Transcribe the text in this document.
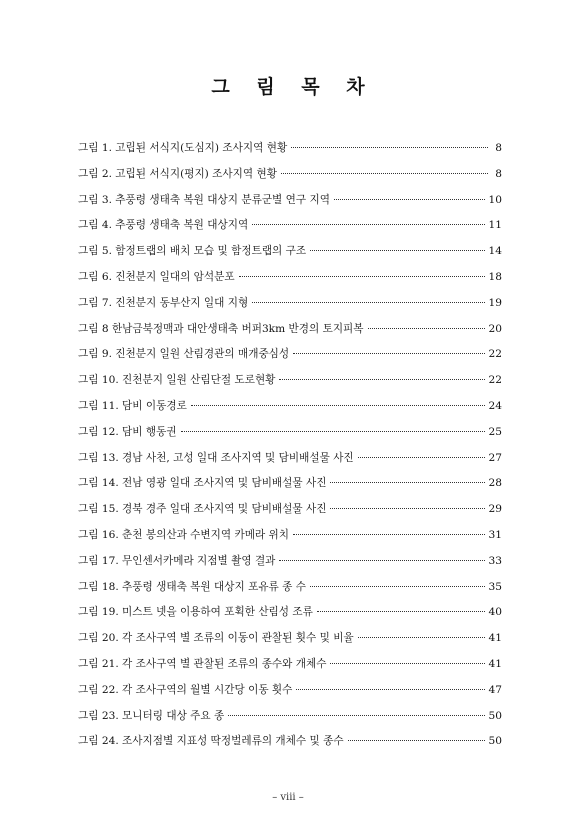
그 림 목 차
그림 1. 고립된 서식지(도심지) 조사지역 현황	8
그림 2. 고립된 서식지(평지) 조사지역 현황	8
그림 3. 추풍령 생태축 복원 대상지 분류군별 연구 지역	10
그림 4. 추풍령 생태축 복원 대상지역	11
그림 5. 함정트랩의 배치 모습 및 함정트랩의 구조	14
그림 6. 진천분지 일대의 암석분포	18
그림 7. 진천분지 동부산지 일대 지형	19
그림 8 한남금북정맥과 대안생태축 버퍼3km 반경의 토지피복	20
그림 9. 진천분지 일원 산림경관의 매개중심성	22
그림 10. 진천분지 일원 산림단절 도로현황	22
그림 11. 담비 이동경로	24
그림 12. 담비 행동권	25
그림 13. 경남 사천, 고성 일대 조사지역 및 담비배설물 사진	27
그림 14. 전남 영광 일대 조사지역 및 담비배설물 사진	28
그림 15. 경북 경주 일대 조사지역 및 담비배설물 사진	29
그림 16. 춘천 봉의산과 수변지역 카메라 위치	31
그림 17. 무인센서카메라 지점별 촬영 결과	33
그림 18. 추풍령 생태축 복원 대상지 포유류 종 수	35
그림 19. 미스트 넷을 이용하여 포획한 산림성 조류	40
그림 20. 각 조사구역 별 조류의 이동이 관찰된 횟수 및 비율	41
그림 21. 각 조사구역 별 관찰된 조류의 종수와 개체수	41
그림 22. 각 조사구역의 월별 시간당 이동 횟수	47
그림 23. 모니터링 대상 주요 종	50
그림 24. 조사지점별 지표성 딱정벌레류의 개체수 및 종수	50
– viii –
